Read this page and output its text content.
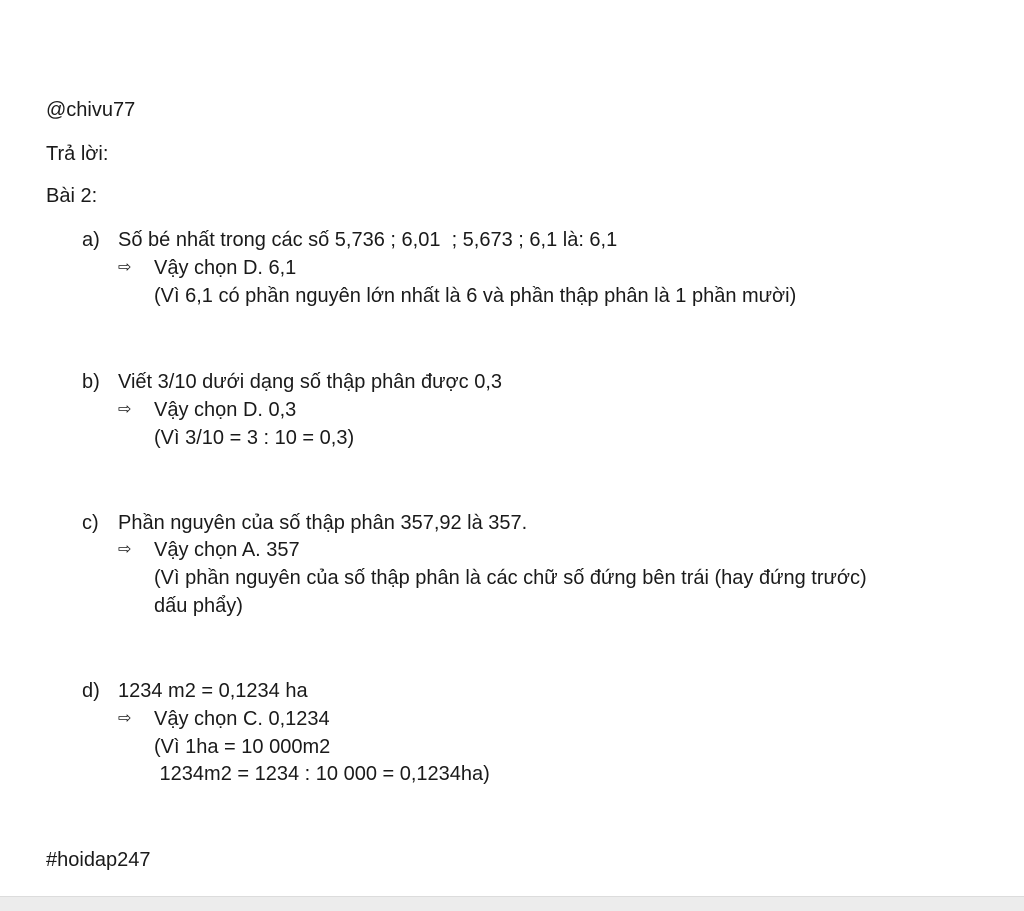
@chivu77
Trả lời:
Bài 2:
a) Số bé nhất trong các số 5,736 ; 6,01  ; 5,673 ; 6,1 là: 6,1
⇨ Vậy chọn D. 6,1
(Vì 6,1 có phần nguyên lớn nhất là 6 và phần thập phân là 1 phần mười)
b) Viết 3/10 dưới dạng số thập phân được 0,3
⇨ Vậy chọn D. 0,3
(Vì 3/10 = 3 : 10 = 0,3)
c) Phần nguyên của số thập phân 357,92 là 357.
⇨ Vậy chọn A. 357
(Vì phần nguyên của số thập phân là các chữ số đứng bên trái (hay đứng trước)
dấu phẩy)
d) 1234 m2 = 0,1234 ha
⇨ Vậy chọn C. 0,1234
(Vì 1ha = 10 000m2
1234m2 = 1234 : 10 000 = 0,1234ha)
#hoidap247
